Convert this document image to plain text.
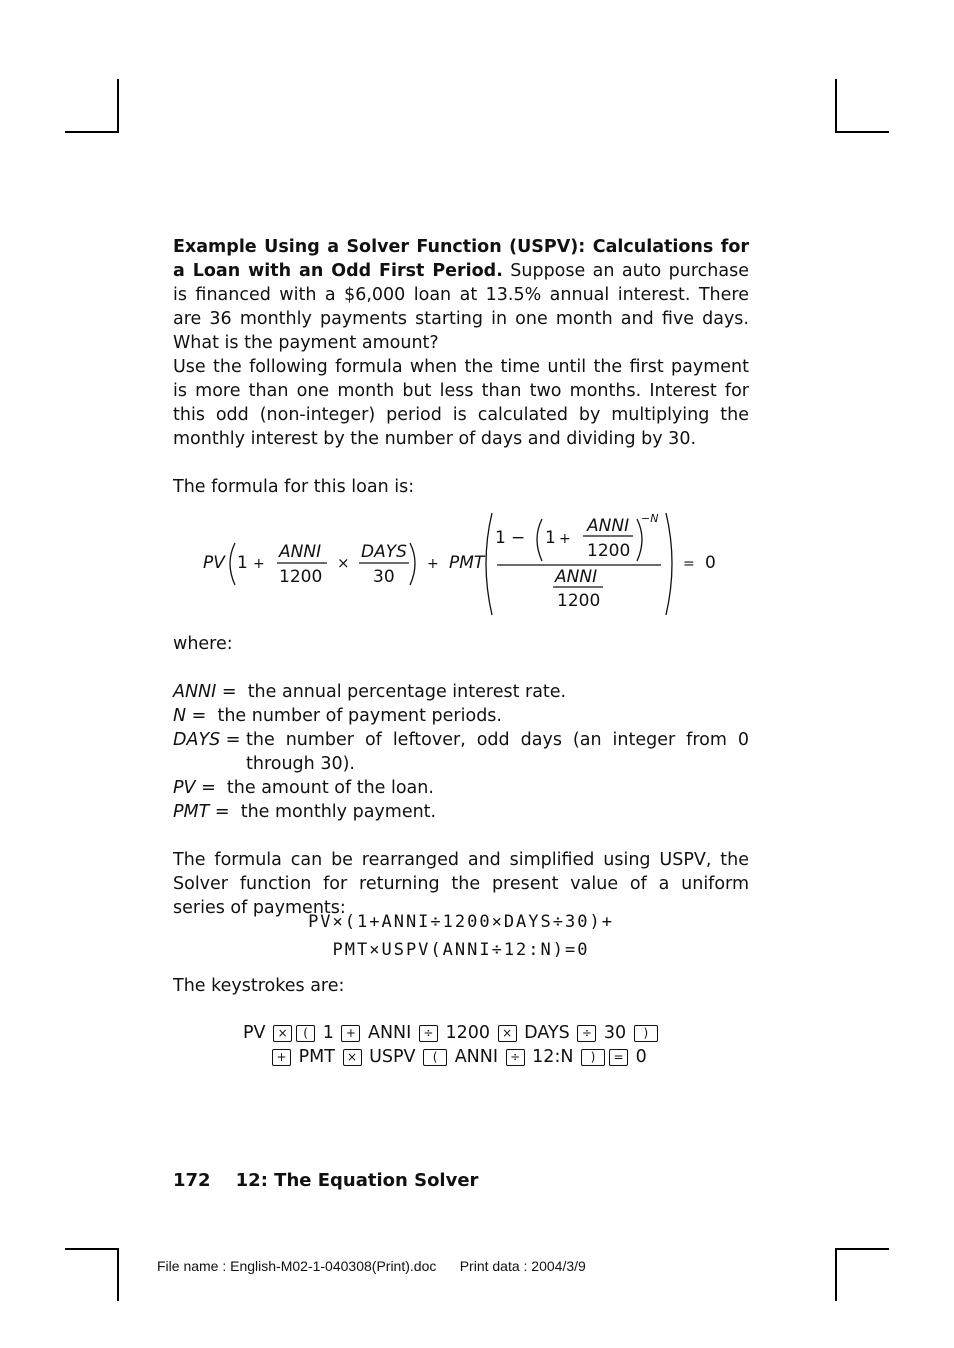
Example Using a Solver Function (USPV): Calculations for a Loan with an Odd First Period. Suppose an auto purchase is financed with a $6,000 loan at 13.5% annual interest. There are 36 monthly payments starting in one month and five days. What is the payment amount?
Use the following formula when the time until the first payment is more than one month but less than two months. Interest for this odd (non-integer) period is calculated by multiplying the monthly interest by the number of days and dividing by 30.
The formula for this loan is:
PV 1 +
ANNI
1200
×
DAYS
30
+ PMT
1 − 1 +
ANNI
1200
−N
ANNI
1200
= 0
where:

ANNI = the annual percentage interest rate.

N = the number of payment periods.

DAYS = the number of leftover, odd days (an integer from 0 through 30).

PV = the amount of the loan.

PMT = the monthly payment.

The formula can be rearranged and simplified using USPV, the Solver function for returning the present value of a uniform series of payments:
PV×(1+ANNI÷1200×DAYS÷30)+
PMT×USPV(ANNI÷12:N)=0
The keystrokes are:
PV × ( 1 + ANNI ÷ 1200 × DAYS ÷ 30 )
+ PMT × USPV ( ANNI ÷ 12:N ) = 0
172 12: The Equation Solver
File name : English-M02-1-040308(Print).doc Print data : 2004/3/9
